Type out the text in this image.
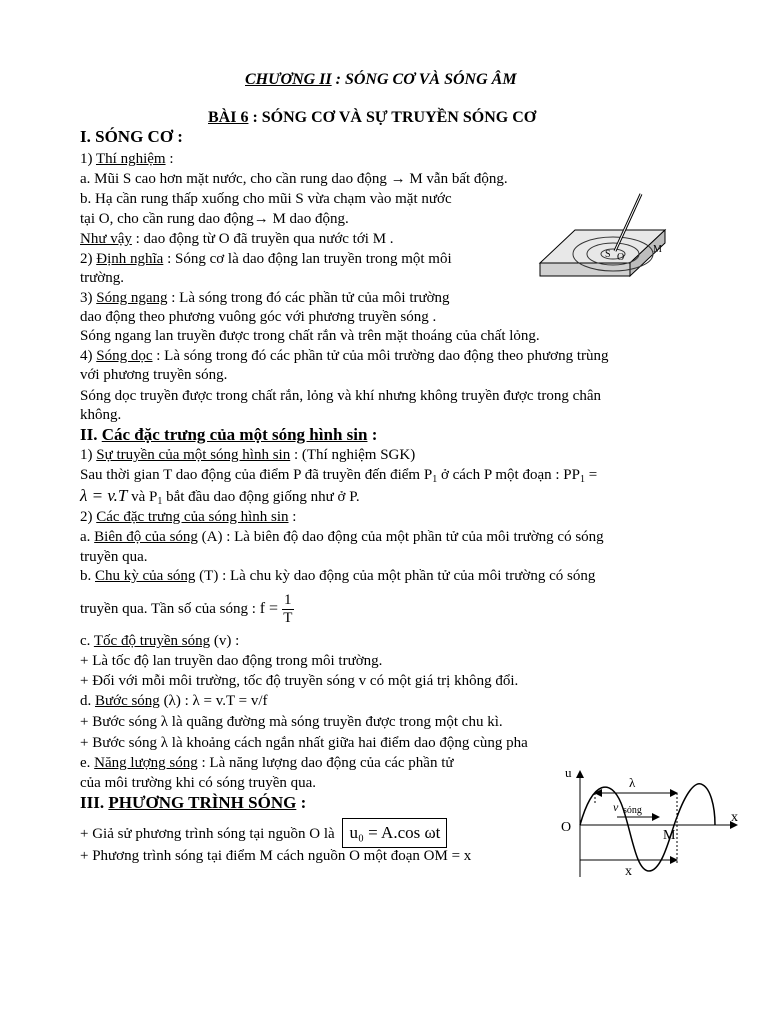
CHƯƠNG II : SÓNG CƠ VÀ SÓNG ÂM
BÀI 6 : SÓNG CƠ VÀ SỰ TRUYỀN SÓNG CƠ
I. SÓNG CƠ :
1) Thí nghiệm :
a. Mũi S cao hơn mặt nước, cho cần rung dao động → M vẫn bất động.
b. Hạ cần rung thấp xuống cho mũi S vừa chạm vào mặt nước
tại O, cho cần rung dao động→ M dao động.
Như vậy : dao động từ O đã truyền qua nước tới M .
2) Định nghĩa : Sóng cơ là dao động lan truyền trong một môi
trường.
3) Sóng ngang : Là sóng trong đó các phần tử của môi trường
dao động theo phương vuông góc với phương truyền sóng .
Sóng ngang lan truyền được trong chất rắn và trên mặt thoáng của chất lỏng.
4) Sóng dọc : Là sóng trong đó các phần tử của môi trường dao động theo phương trùng
với phương truyền sóng.
Sóng dọc truyền được trong chất rắn, lỏng và khí nhưng không truyền được trong chân
không.
S O
M
II. Các đặc trưng của một sóng hình sin :
1) Sự truyền của một sóng hình sin : (Thí nghiệm SGK)
Sau thời gian T dao động của điểm P đã truyền đến điểm $P_1$ ở cách P một đoạn : $PP_1$ =
λ = v.T và $P_1$ bắt đầu dao động giống như ở P.
2) Các đặc trưng của sóng hình sin :
a. Biên độ của sóng (A) : Là biên độ dao động của một phần tử của môi trường có sóng
truyền qua.
b. Chu kỳ của sóng (T) : Là chu kỳ dao động của một phần tử của môi trường có sóng
truyền qua. Tần số của sóng : $f = \frac{1}{T}$
c. Tốc độ truyền sóng (v) :
+ Là tốc độ lan truyền dao động trong môi trường.
+ Đối với mỗi môi trường, tốc độ truyền sóng v có một giá trị không đổi.
d. Bước sóng (λ) : λ = v.T = v/f
+ Bước sóng λ là quãng đường mà sóng truyền được trong một chu kì.
+ Bước sóng λ là khoảng cách ngắn nhất giữa hai điểm dao động cùng pha
e. Năng lượng sóng : Là năng lượng dao động của các phần tử
của môi trường khi có sóng truyền qua.
III. PHƯƠNG TRÌNH SÓNG :
+ Giả sử phương trình sóng tại nguồn O là u₀ = A.cos ωt
+ Phương trình sóng tại điểm M cách nguồn O một đoạn OM = x
u
λ
v sóng
O
M
x
x
